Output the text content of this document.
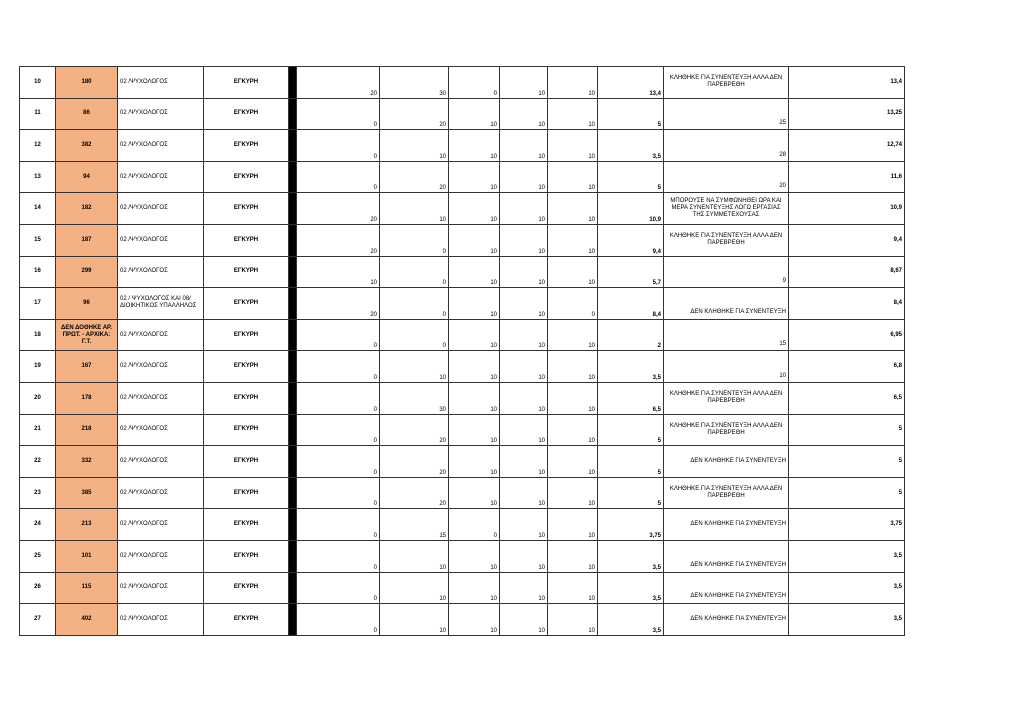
10	180	02 /ΨΥΧΟΛΟΓΟΣ	ΕΓΚΥΡΗ		20	30	0	10	10	13,4	ΚΛΗΘΗΚΕ ΓΙΑ ΣΥΝΕΝΤΕΥΞΗ ΑΛΛΑ ΔΕΝ ΠΑΡΕΒΡΕΘΗ	13,4
11	86	02 /ΨΥΧΟΛΟΓΟΣ	ΕΓΚΥΡΗ		0	20	10	10	10	5	25	13,25
12	382	02 /ΨΥΧΟΛΟΓΟΣ	ΕΓΚΥΡΗ		0	10	10	10	10	3,5	28	12,74
13	94	02 /ΨΥΧΟΛΟΓΟΣ	ΕΓΚΥΡΗ		0	20	10	10	10	5	20	11,6
14	182	02 /ΨΥΧΟΛΟΓΟΣ	ΕΓΚΥΡΗ		20	10	10	10	10	10,9	ΜΠΟΡΟΥΣΕ ΝΑ ΣΥΜΦΩΝΗΘΕΙ ΩΡΑ ΚΑΙ ΜΕΡΑ ΣΥΝΕΝΤΕΥΞΗΣ ΛΟΓΩ ΕΡΓΑΣΙΑΣ ΤΗΣ ΣΥΜΜΕΤΕΧΟΥΣΑΣ	10,9
15	187	02 /ΨΥΧΟΛΟΓΟΣ	ΕΓΚΥΡΗ		20	0	10	10	10	9,4	ΚΛΗΘΗΚΕ ΓΙΑ ΣΥΝΕΝΤΕΥΞΗ ΑΛΛΑ ΔΕΝ ΠΑΡΕΒΡΕΘΗ	9,4
16	299	02 /ΨΥΧΟΛΟΓΟΣ	ΕΓΚΥΡΗ		10	0	10	10	10	5,7	9	8,67
17	96	02 / ΨΥΧΟΛΟΓΟΣ ΚΑΙ 08/ΔΙΟΙΚΗΤΙΚΟΣ ΥΠΑΛΛΗΛΟΣ	ΕΓΚΥΡΗ		20	0	10	10	0	8,4	ΔΕΝ ΚΛΗΘΗΚΕ ΓΙΑ ΣΥΝΕΝΤΕΥΞΗ	8,4
18	ΔΕΝ ΔΟΘΗΚΕ ΑΡ. ΠΡΩΤ. - ΑΡΧΙΚΑ: Γ.Τ.	02 /ΨΥΧΟΛΟΓΟΣ	ΕΓΚΥΡΗ		0	0	10	10	10	2	15	6,95
19	167	02 /ΨΥΧΟΛΟΓΟΣ	ΕΓΚΥΡΗ		0	10	10	10	10	3,5	10	6,8
20	178	02 /ΨΥΧΟΛΟΓΟΣ	ΕΓΚΥΡΗ		0	30	10	10	10	6,5	ΚΛΗΘΗΚΕ ΓΙΑ ΣΥΝΕΝΤΕΥΞΗ ΑΛΛΑ ΔΕΝ ΠΑΡΕΒΡΕΘΗ	6,5
21	218	02 /ΨΥΧΟΛΟΓΟΣ	ΕΓΚΥΡΗ		0	20	10	10	10	5	ΚΛΗΘΗΚΕ ΓΙΑ ΣΥΝΕΝΤΕΥΞΗ ΑΛΛΑ ΔΕΝ ΠΑΡΕΒΡΕΘΗ	5
22	332	02 /ΨΥΧΟΛΟΓΟΣ	ΕΓΚΥΡΗ		0	20	10	10	10	5	ΔΕΝ ΚΛΗΘΗΚΕ ΓΙΑ ΣΥΝΕΝΤΕΥΞΗ	5
23	385	02 /ΨΥΧΟΛΟΓΟΣ	ΕΓΚΥΡΗ		0	20	10	10	10	5	ΚΛΗΘΗΚΕ ΓΙΑ ΣΥΝΕΝΤΕΥΞΗ ΑΛΛΑ ΔΕΝ ΠΑΡΕΒΡΕΘΗ	5
24	213	02 /ΨΥΧΟΛΟΓΟΣ	ΕΓΚΥΡΗ		0	15	0	10	10	3,75	ΔΕΝ ΚΛΗΘΗΚΕ ΓΙΑ ΣΥΝΕΝΤΕΥΞΗ	3,75
25	101	02 /ΨΥΧΟΛΟΓΟΣ	ΕΓΚΥΡΗ		0	10	10	10	10	3,5	ΔΕΝ ΚΛΗΘΗΚΕ ΓΙΑ ΣΥΝΕΝΤΕΥΞΗ	3,5
26	115	02 /ΨΥΧΟΛΟΓΟΣ	ΕΓΚΥΡΗ		0	10	10	10	10	3,5	ΔΕΝ ΚΛΗΘΗΚΕ ΓΙΑ ΣΥΝΕΝΤΕΥΞΗ	3,5
27	402	02 /ΨΥΧΟΛΟΓΟΣ	ΕΓΚΥΡΗ		0	10	10	10	10	3,5	ΔΕΝ ΚΛΗΘΗΚΕ ΓΙΑ ΣΥΝΕΝΤΕΥΞΗ	3,5
